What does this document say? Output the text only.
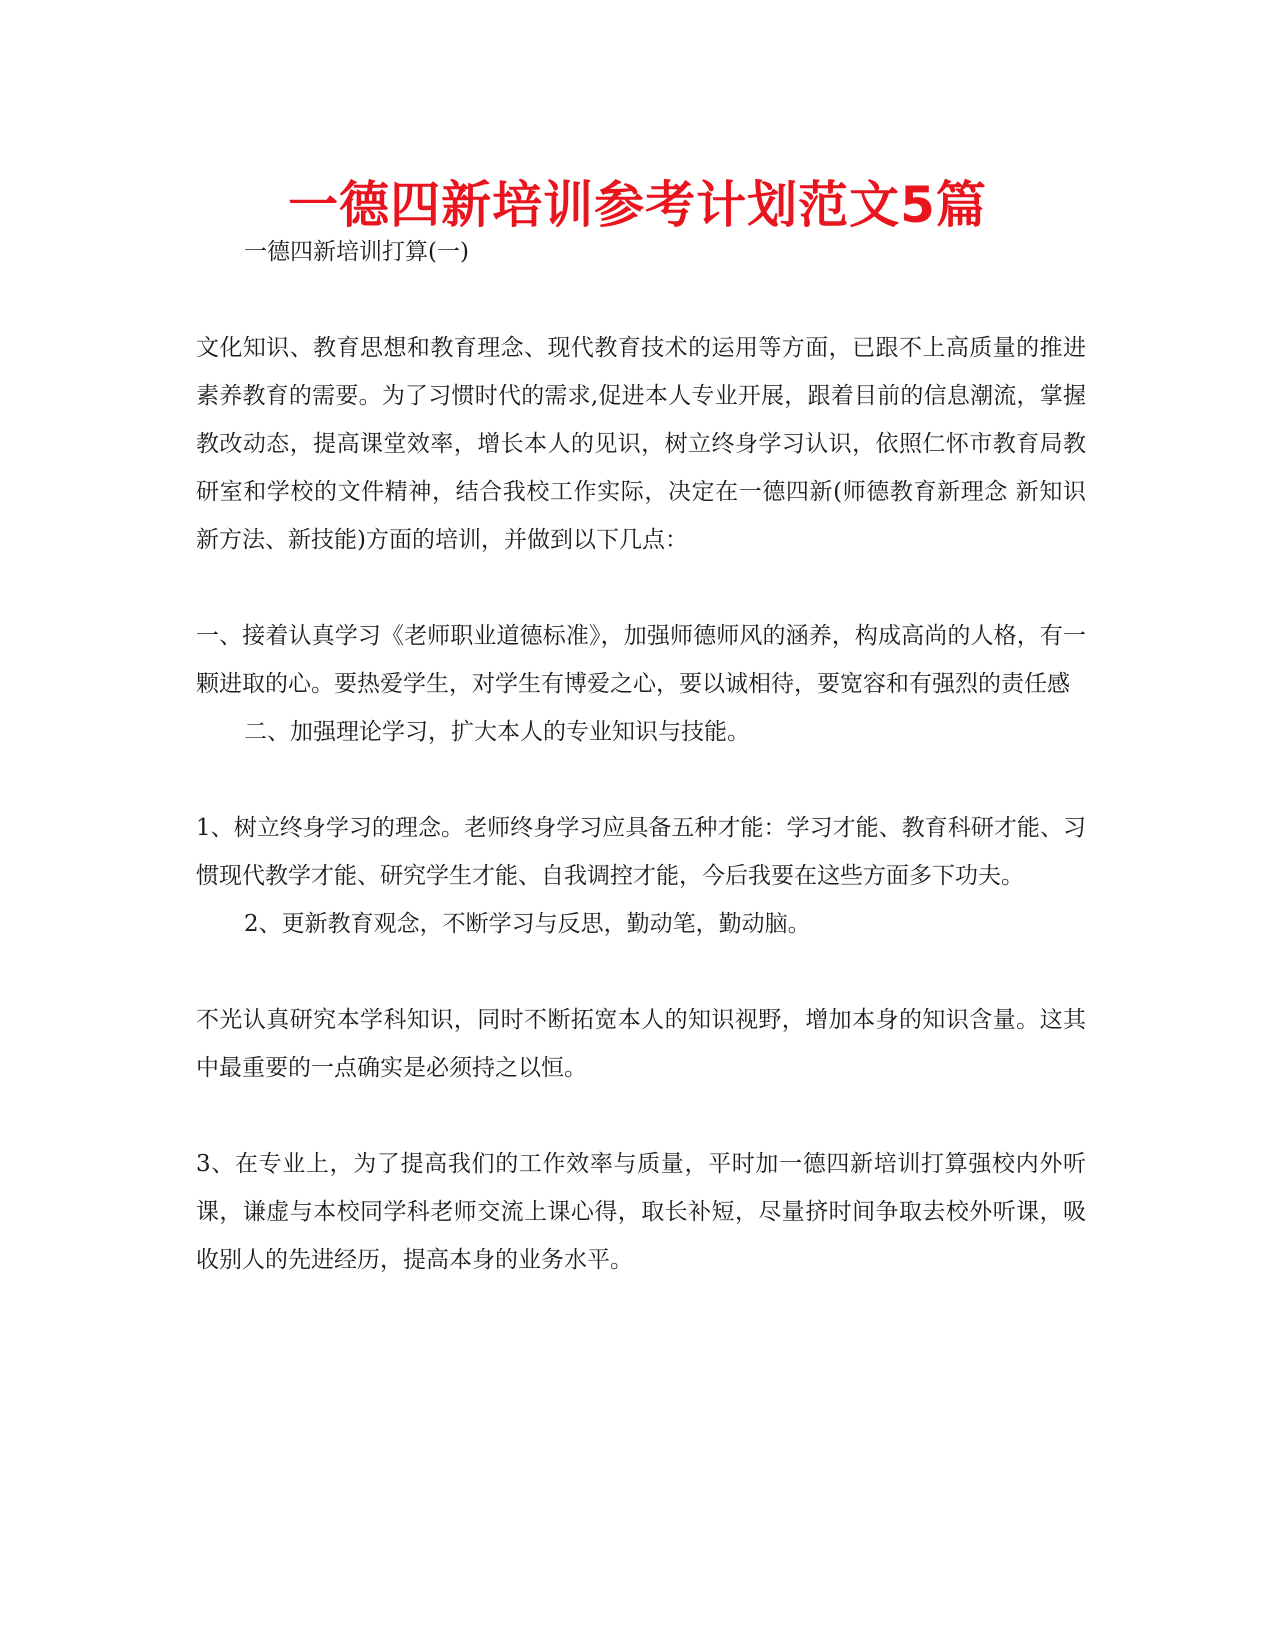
一德四新培训参考计划范文5篇

一德四新培训打算(一)

文化知识、教育思想和教育理念、现代教育技术的运用等方面，已跟不上高质量的推进素养教育的需要。为了习惯时代的需求,促进本人专业开展，跟着目前的信息潮流，掌握教改动态，提高课堂效率，增长本人的见识，树立终身学习认识，依照仁怀市教育局教研室和学校的文件精神，结合我校工作实际，决定在一德四新(师德教育新理念 新知识 新方法、新技能)方面的培训，并做到以下几点：

一、接着认真学习《老师职业道德标准》，加强师德师风的涵养，构成高尚的人格，有一颗进取的心。要热爱学生，对学生有博爱之心，要以诚相待，要宽容和有强烈的责任感

二、加强理论学习，扩大本人的专业知识与技能。

1、树立终身学习的理念。老师终身学习应具备五种才能：学习才能、教育科研才能、习惯现代教学才能、研究学生才能、自我调控才能，今后我要在这些方面多下功夫。

2、更新教育观念，不断学习与反思，勤动笔，勤动脑。

不光认真研究本学科知识，同时不断拓宽本人的知识视野，增加本身的知识含量。这其中最重要的一点确实是必须持之以恒。

3、在专业上，为了提高我们的工作效率与质量，平时加一德四新培训打算强校内外听课，谦虚与本校同学科老师交流上课心得，取长补短，尽量挤时间争取去校外听课，吸收别人的先进经历，提高本身的业务水平。
